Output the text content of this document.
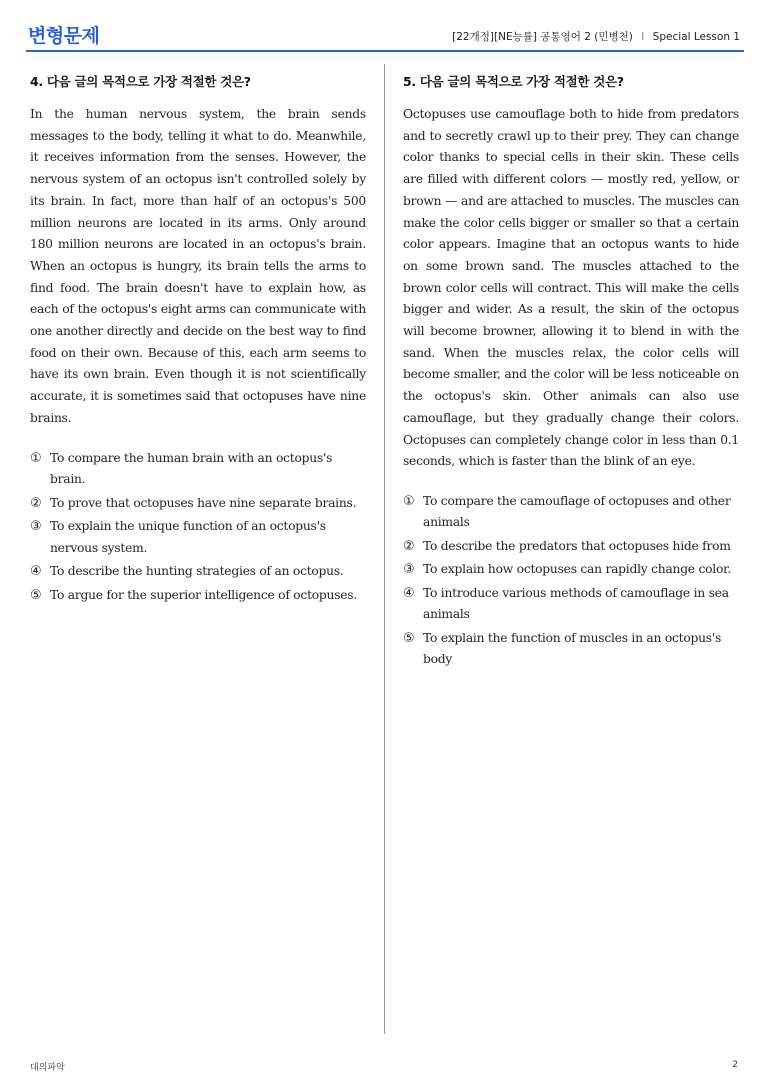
변형문제	[22개정][NE능률] 공통영어 2 (민병천) I Special Lesson 1
4. 다음 글의 목적으로 가장 적절한 것은?

In the human nervous system, the brain sends messages to the body, telling it what to do. Meanwhile, it receives information from the senses. However, the nervous system of an octopus isn't controlled solely by its brain. In fact, more than half of an octopus's 500 million neurons are located in its arms. Only around 180 million neurons are located in an octopus's brain. When an octopus is hungry, its brain tells the arms to find food. The brain doesn't have to explain how, as each of the octopus's eight arms can communicate with one another directly and decide on the best way to find food on their own. Because of this, each arm seems to have its own brain. Even though it is not scientifically accurate, it is sometimes said that octopuses have nine brains.

① To compare the human brain with an octopus's brain.
② To prove that octopuses have nine separate brains.
③ To explain the unique function of an octopus's nervous system.
④ To describe the hunting strategies of an octopus.
⑤ To argue for the superior intelligence of octopuses.
5. 다음 글의 목적으로 가장 적절한 것은?

Octopuses use camouflage both to hide from predators and to secretly crawl up to their prey. They can change color thanks to special cells in their skin. These cells are filled with different colors — mostly red, yellow, or brown — and are attached to muscles. The muscles can make the color cells bigger or smaller so that a certain color appears. Imagine that an octopus wants to hide on some brown sand. The muscles attached to the brown color cells will contract. This will make the cells bigger and wider. As a result, the skin of the octopus will become browner, allowing it to blend in with the sand. When the muscles relax, the color cells will become smaller, and the color will be less noticeable on the octopus's skin. Other animals can also use camouflage, but they gradually change their colors. Octopuses can completely change color in less than 0.1 seconds, which is faster than the blink of an eye.

① To compare the camouflage of octopuses and other animals
② To describe the predators that octopuses hide from
③ To explain how octopuses can rapidly change color.
④ To introduce various methods of camouflage in sea animals
⑤ To explain the function of muscles in an octopus's body
대의파악	2
